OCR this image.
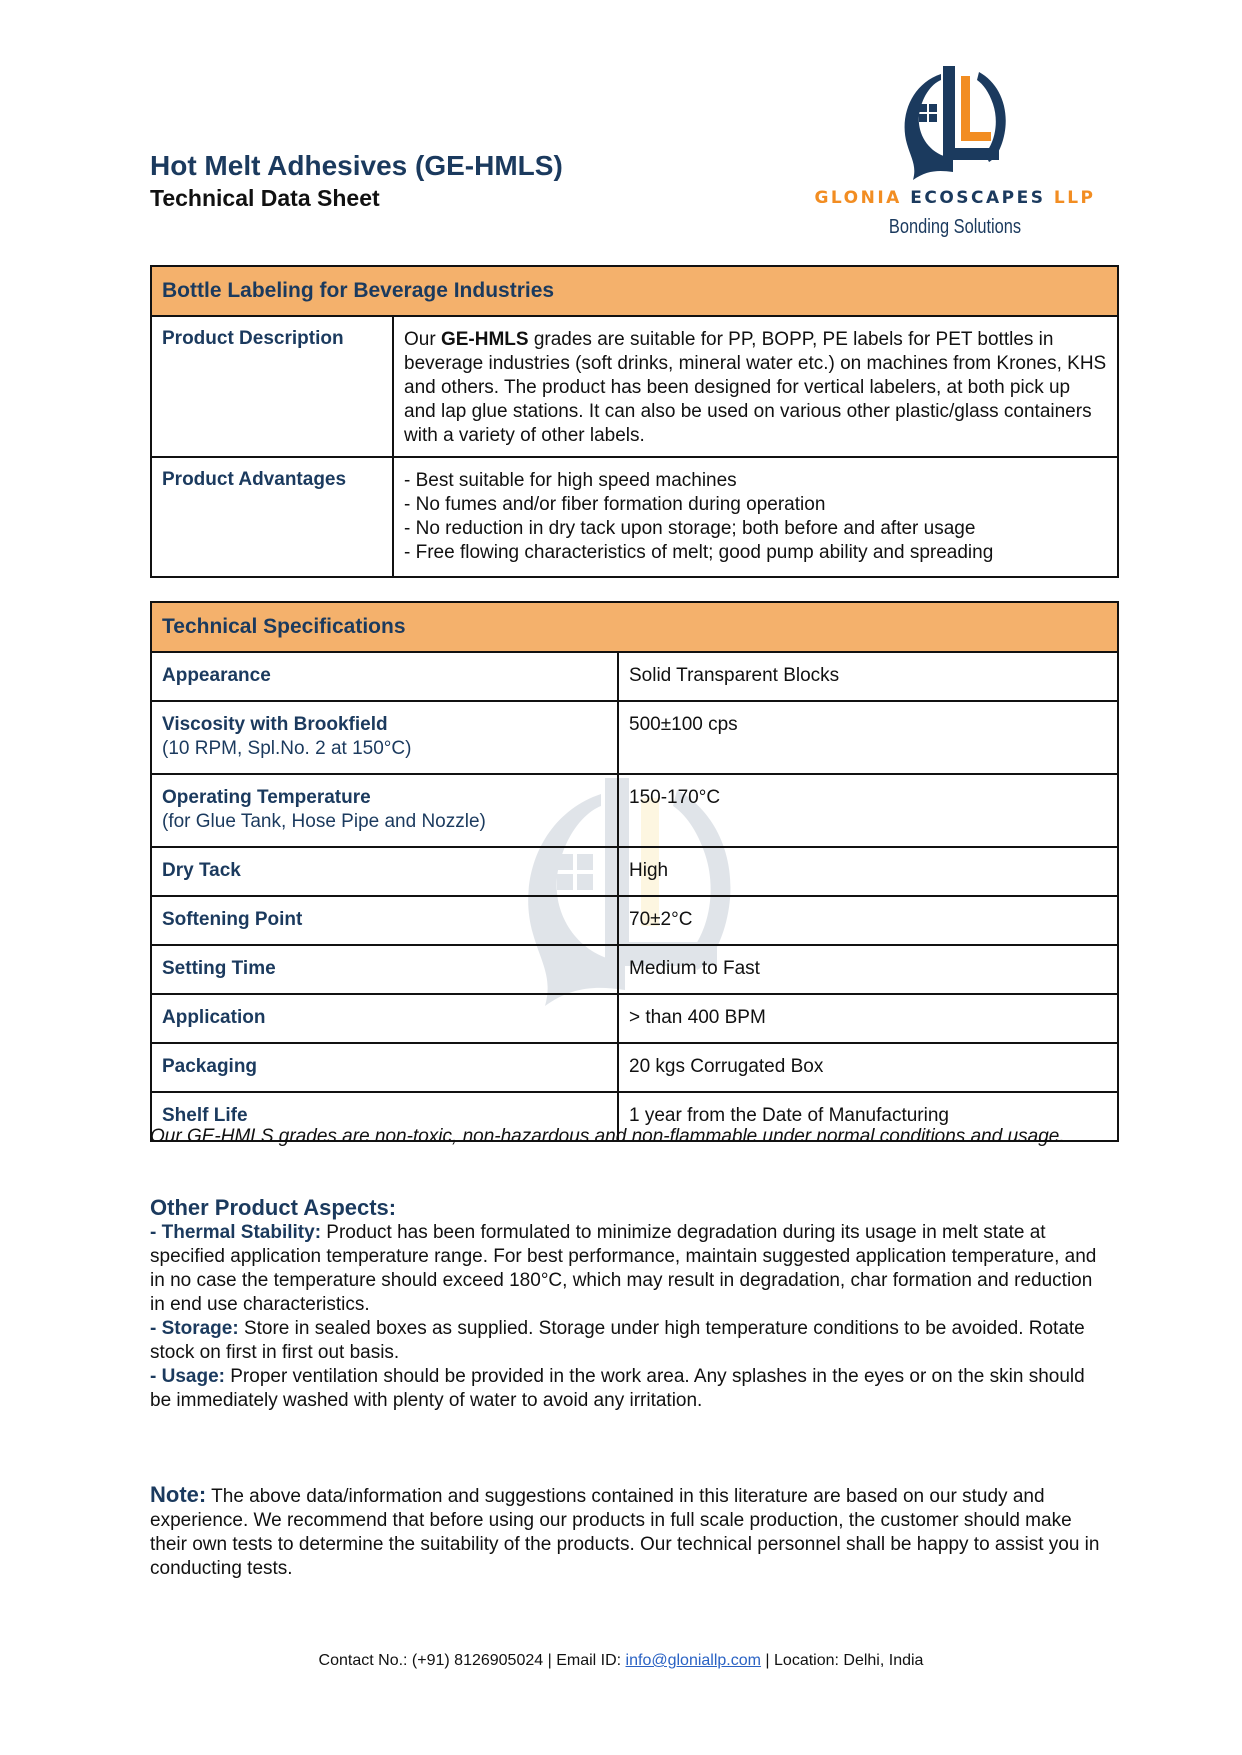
Hot Melt Adhesives (GE-HMLS)
Technical Data Sheet	GLONIA ECOSCAPES LLP
Bonding Solutions
Bottle Labeling for Beverage Industries	
Product Description	Our GE-HMLS grades are suitable for PP, BOPP, PE labels for PET bottles in beverage industries (soft drinks, mineral water etc.) on machines from Krones, KHS and others. The product has been designed for vertical labelers, at both pick up and lap glue stations. It can also be used on various other plastic/glass containers with a variety of other labels.
Product Advantages	- Best suitable for high speed machines
- No fumes and/or fiber formation during operation
- No reduction in dry tack upon storage; both before and after usage
- Free flowing characteristics of melt; good pump ability and spreading
Technical Specifications	
Appearance	Solid Transparent Blocks
Viscosity with Brookfield
(10 RPM, Spl.No. 2 at 150°C)	500±100 cps
Operating Temperature
(for Glue Tank, Hose Pipe and Nozzle)	150-170°C
Dry Tack	High
Softening Point	70±2°C
Setting Time	Medium to Fast
Application	> than 400 BPM
Packaging	20 kgs Corrugated Box
Shelf Life	1 year from the Date of Manufacturing
Our GE-HMLS grades are non-toxic, non-hazardous and non-flammable under normal conditions and usage.
Other Product Aspects:

- Thermal Stability: Product has been formulated to minimize degradation during its usage in melt state at specified application temperature range. For best performance, maintain suggested application temperature, and in no case the temperature should exceed 180°C, which may result in degradation, char formation and reduction in end use characteristics.

- Storage: Store in sealed boxes as supplied. Storage under high temperature conditions to be avoided. Rotate stock on first in first out basis.

- Usage: Proper ventilation should be provided in the work area. Any splashes in the eyes or on the skin should be immediately washed with plenty of water to avoid any irritation.

Note: The above data/information and suggestions contained in this literature are based on our study and experience. We recommend that before using our products in full scale production, the customer should make their own tests to determine the suitability of the products. Our technical personnel shall be happy to assist you in conducting tests.
Contact No.: (+91) 8126905024 | Email ID: info@gloniallp.com | Location: Delhi, India
